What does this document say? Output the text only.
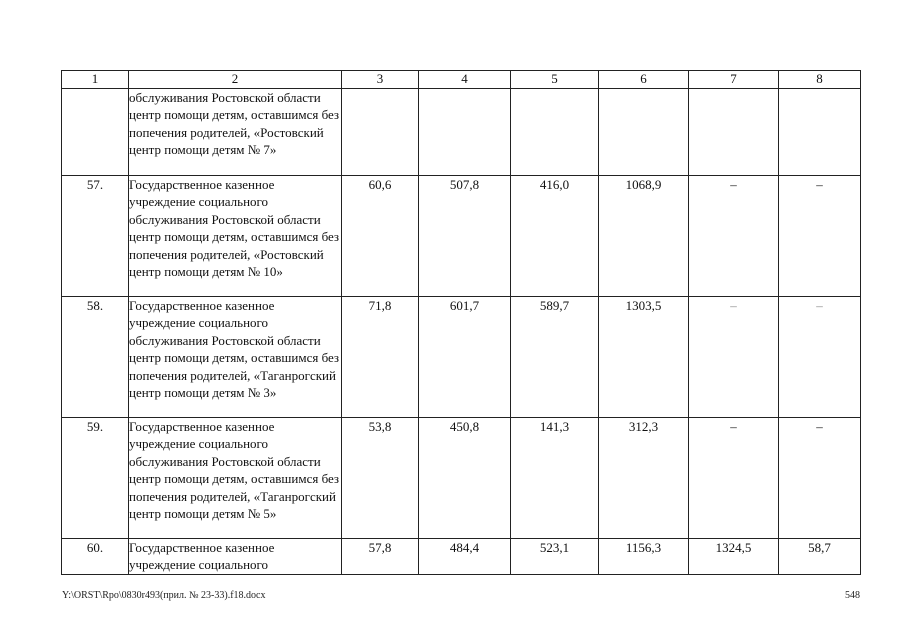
1	2	3	4	5	6	7	8
	обслуживания Ростовской области центр помощи детям, оставшимся без попечения родителей, «Ростовский центр помощи детям № 7»						
57.	Государственное казенное учреждение социального обслуживания Ростовской области центр помощи детям, оставшимся без попечения родителей, «Ростовский центр помощи детям № 10»	60,6	507,8	416,0	1068,9	–	–
58.	Государственное казенное учреждение социального обслуживания Ростовской области центр помощи детям, оставшимся без попечения родителей, «Таганрогский центр помощи детям № 3»	71,8	601,7	589,7	1303,5	–	–
59.	Государственное казенное учреждение социального обслуживания Ростовской области центр помощи детям, оставшимся без попечения родителей, «Таганрогский центр помощи детям № 5»	53,8	450,8	141,3	312,3	–	–
60.	Государственное казенное учреждение социального	57,8	484,4	523,1	1156,3	1324,5	58,7
Y:\ORST\Rpo\0830r493(прил. № 23-33).f18.docx	548
